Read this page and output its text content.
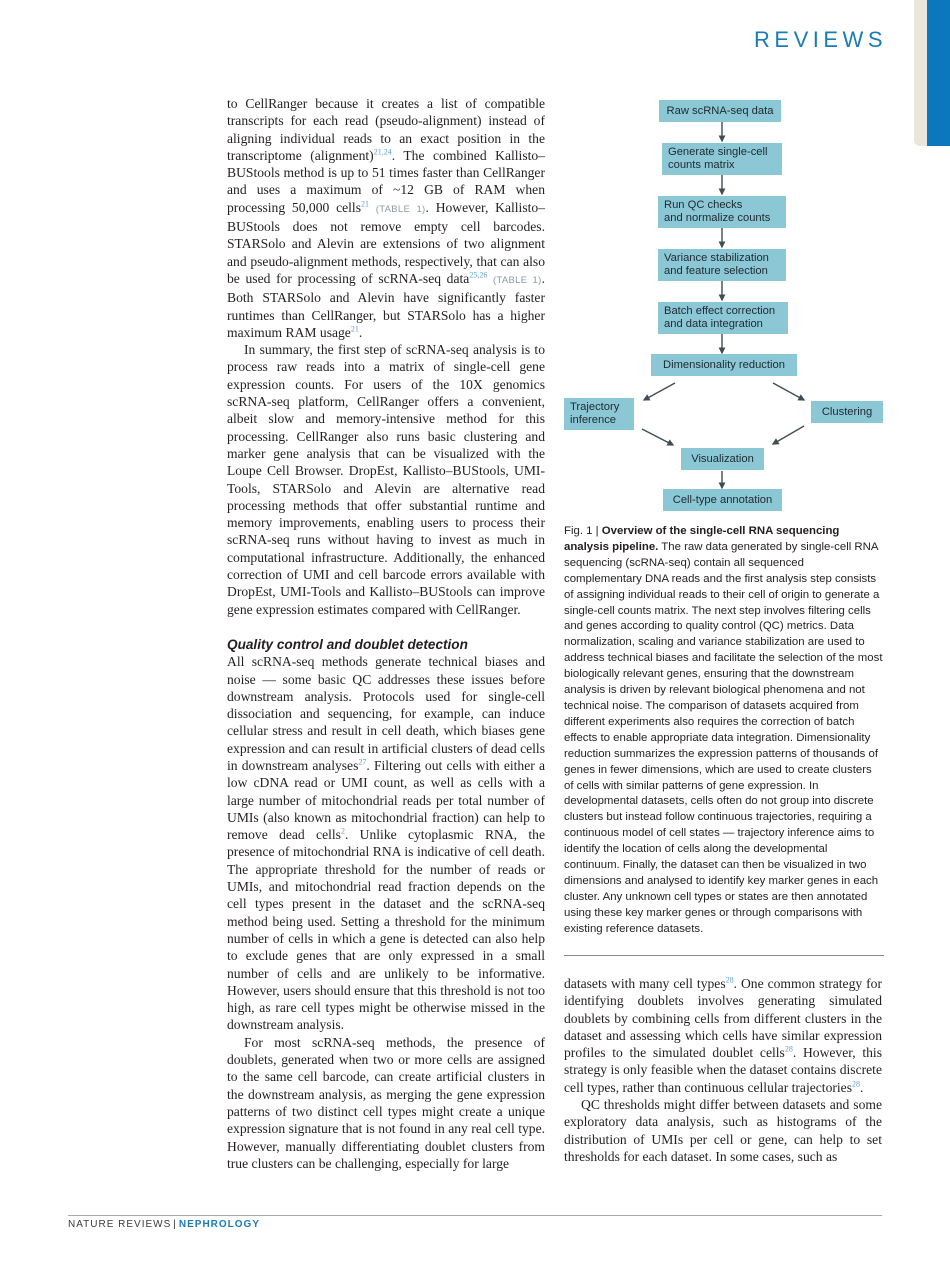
REVIEWS

to CellRanger because it creates a list of compatible transcripts for each read (pseudo-alignment) instead of aligning individual reads to an exact position in the transcriptome (alignment)$^{21,24}$. The combined Kallisto–BUStools method is up to 51 times faster than CellRanger and uses a maximum of ~12 GB of RAM when processing 50,000 cells$^{21}$ (TABLE 1). However, Kallisto–BUStools does not remove empty cell barcodes. STARSolo and Alevin are extensions of two alignment and pseudo-alignment methods, respectively, that can also be used for processing of scRNA-seq data$^{25,26}$ (TABLE 1). Both STARSolo and Alevin have significantly faster runtimes than CellRanger, but STARSolo has a higher maximum RAM usage$^{21}$.

In summary, the first step of scRNA-seq analysis is to process raw reads into a matrix of single-cell gene expression counts. For users of the 10X genomics scRNA-seq platform, CellRanger offers a convenient, albeit slow and memory-intensive method for this processing. CellRanger also runs basic clustering and marker gene analysis that can be visualized with the Loupe Cell Browser. DropEst, Kallisto–BUStools, UMI-Tools, STARSolo and Alevin are alternative read processing methods that offer substantial runtime and memory improvements, enabling users to process their scRNA-seq runs without having to invest as much in computational infrastructure. Additionally, the enhanced correction of UMI and cell barcode errors available with DropEst, UMI-Tools and Kallisto–BUStools can improve gene expression estimates compared with CellRanger.

Quality control and doublet detection

All scRNA-seq methods generate technical biases and noise — some basic QC addresses these issues before downstream analysis. Protocols used for single-cell dissociation and sequencing, for example, can induce cellular stress and result in cell death, which biases gene expression and can result in artificial clusters of dead cells in downstream analyses$^{27}$. Filtering out cells with either a low cDNA read or UMI count, as well as cells with a large number of mitochondrial reads per total number of UMIs (also known as mitochondrial fraction) can help to remove dead cells$^2$. Unlike cytoplasmic RNA, the presence of mitochondrial RNA is indicative of cell death. The appropriate threshold for the number of reads or UMIs, and mitochondrial read fraction depends on the cell types present in the dataset and the scRNA-seq method being used. Setting a threshold for the minimum number of cells in which a gene is detected can also help to exclude genes that are only expressed in a small number of cells and are unlikely to be informative. However, users should ensure that this threshold is not too high, as rare cell types might be otherwise missed in the downstream analysis.

For most scRNA-seq methods, the presence of doublets, generated when two or more cells are assigned to the same cell barcode, can create artificial clusters in the downstream analysis, as merging the gene expression patterns of two distinct cell types might create a unique expression signature that is not found in any real cell type. However, manually differentiating doublet clusters from true clusters can be challenging, especially for large

Raw scRNA-seq data
Generate single-cell
counts matrix
Run QC checks
and normalize counts
Variance stabilization
and feature selection
Batch effect correction
and data integration
Dimensionality reduction
Trajectory
inference
Clustering
Visualization
Cell-type annotation
Fig. 1 | Overview of the single-cell RNA sequencing analysis pipeline. The raw data generated by single-cell RNA sequencing (scRNA-seq) contain all sequenced complementary DNA reads and the first analysis step consists of assigning individual reads to their cell of origin to generate a single-cell counts matrix. The next step involves filtering cells and genes according to quality control (QC) metrics. Data normalization, scaling and variance stabilization are used to address technical biases and facilitate the selection of the most biologically relevant genes, ensuring that the downstream analysis is driven by relevant biological phenomena and not technical noise. The comparison of datasets acquired from different experiments also requires the correction of batch effects to enable appropriate data integration. Dimensionality reduction summarizes the expression patterns of thousands of genes in fewer dimensions, which are used to create clusters of cells with similar patterns of gene expression. In developmental datasets, cells often do not group into discrete clusters but instead follow continuous trajectories, requiring a continuous model of cell states — trajectory inference aims to identify the location of cells along the developmental continuum. Finally, the dataset can then be visualized in two dimensions and analysed to identify key marker genes in each cluster. Any unknown cell types or states are then annotated using these key marker genes or through comparisons with existing reference datasets.

datasets with many cell types$^{28}$. One common strategy for identifying doublets involves generating simulated doublets by combining cells from different clusters in the dataset and assessing which cells have similar expression profiles to the simulated doublet cells$^{28}$. However, this strategy is only feasible when the dataset contains discrete cell types, rather than continuous cellular trajectories$^{28}$.

QC thresholds might differ between datasets and some exploratory data analysis, such as histograms of the distribution of UMIs per cell or gene, can help to set thresholds for each dataset. In some cases, such as

NATURE REVIEWS | NEPHROLOGY
